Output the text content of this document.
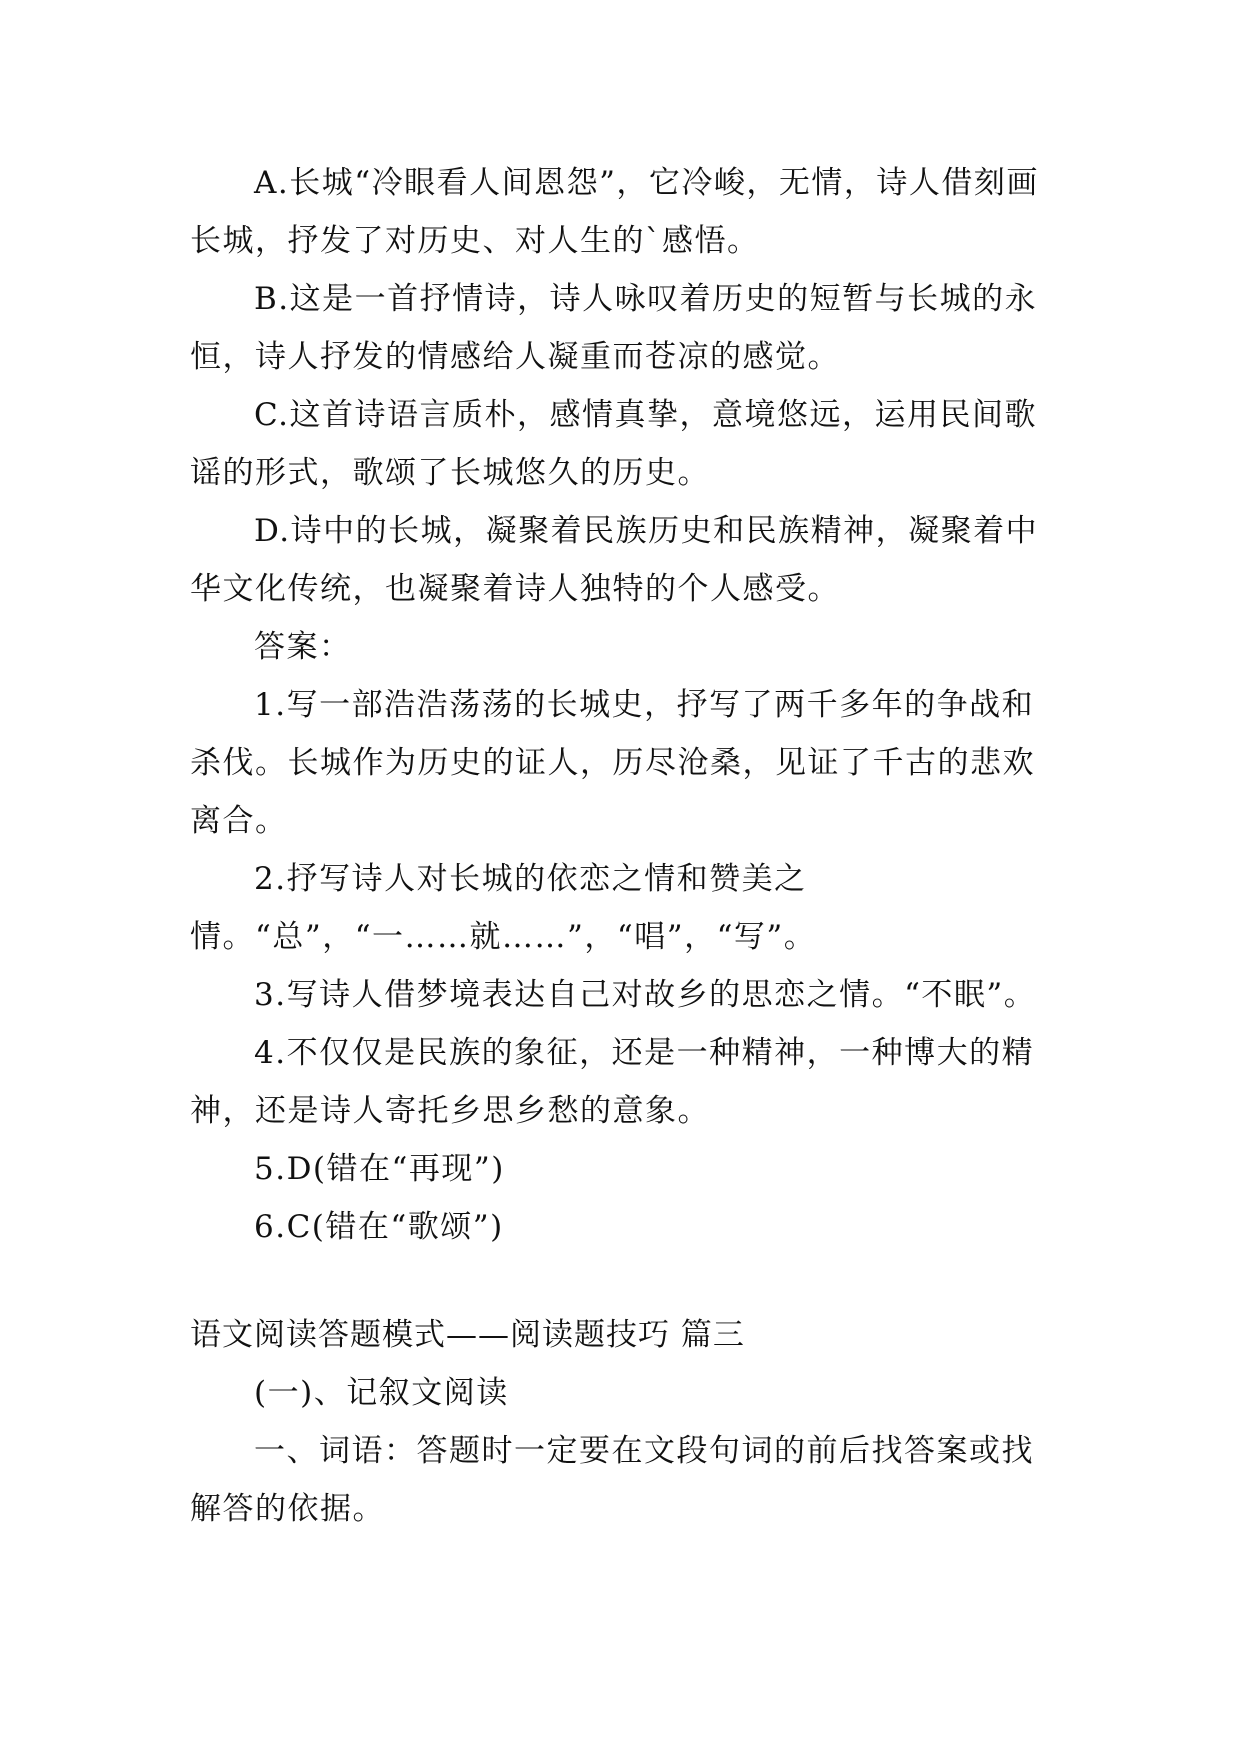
A.长城“冷眼看人间恩怨”，它冷峻，无情，诗人借刻画长城，抒发了对历史、对人生的`感悟。

B.这是一首抒情诗，诗人咏叹着历史的短暂与长城的永恒，诗人抒发的情感给人凝重而苍凉的感觉。

C.这首诗语言质朴，感情真挚，意境悠远，运用民间歌谣的形式，歌颂了长城悠久的历史。

D.诗中的长城，凝聚着民族历史和民族精神，凝聚着中华文化传统，也凝聚着诗人独特的个人感受。

答案：

1.写一部浩浩荡荡的长城史，抒写了两千多年的争战和杀伐。长城作为历史的证人，历尽沧桑，见证了千古的悲欢离合。

2.抒写诗人对长城的依恋之情和赞美之情。“总”，“一……就……”，“唱”，“写”。

3.写诗人借梦境表达自己对故乡的思恋之情。“不眠”。

4.不仅仅是民族的象征，还是一种精神，一种博大的精神，还是诗人寄托乡思乡愁的意象。

5.D(错在“再现”)

6.C(错在“歌颂”)

语文阅读答题模式——阅读题技巧 篇三

(一)、记叙文阅读

一、词语：答题时一定要在文段句词的前后找答案或找解答的依据。
